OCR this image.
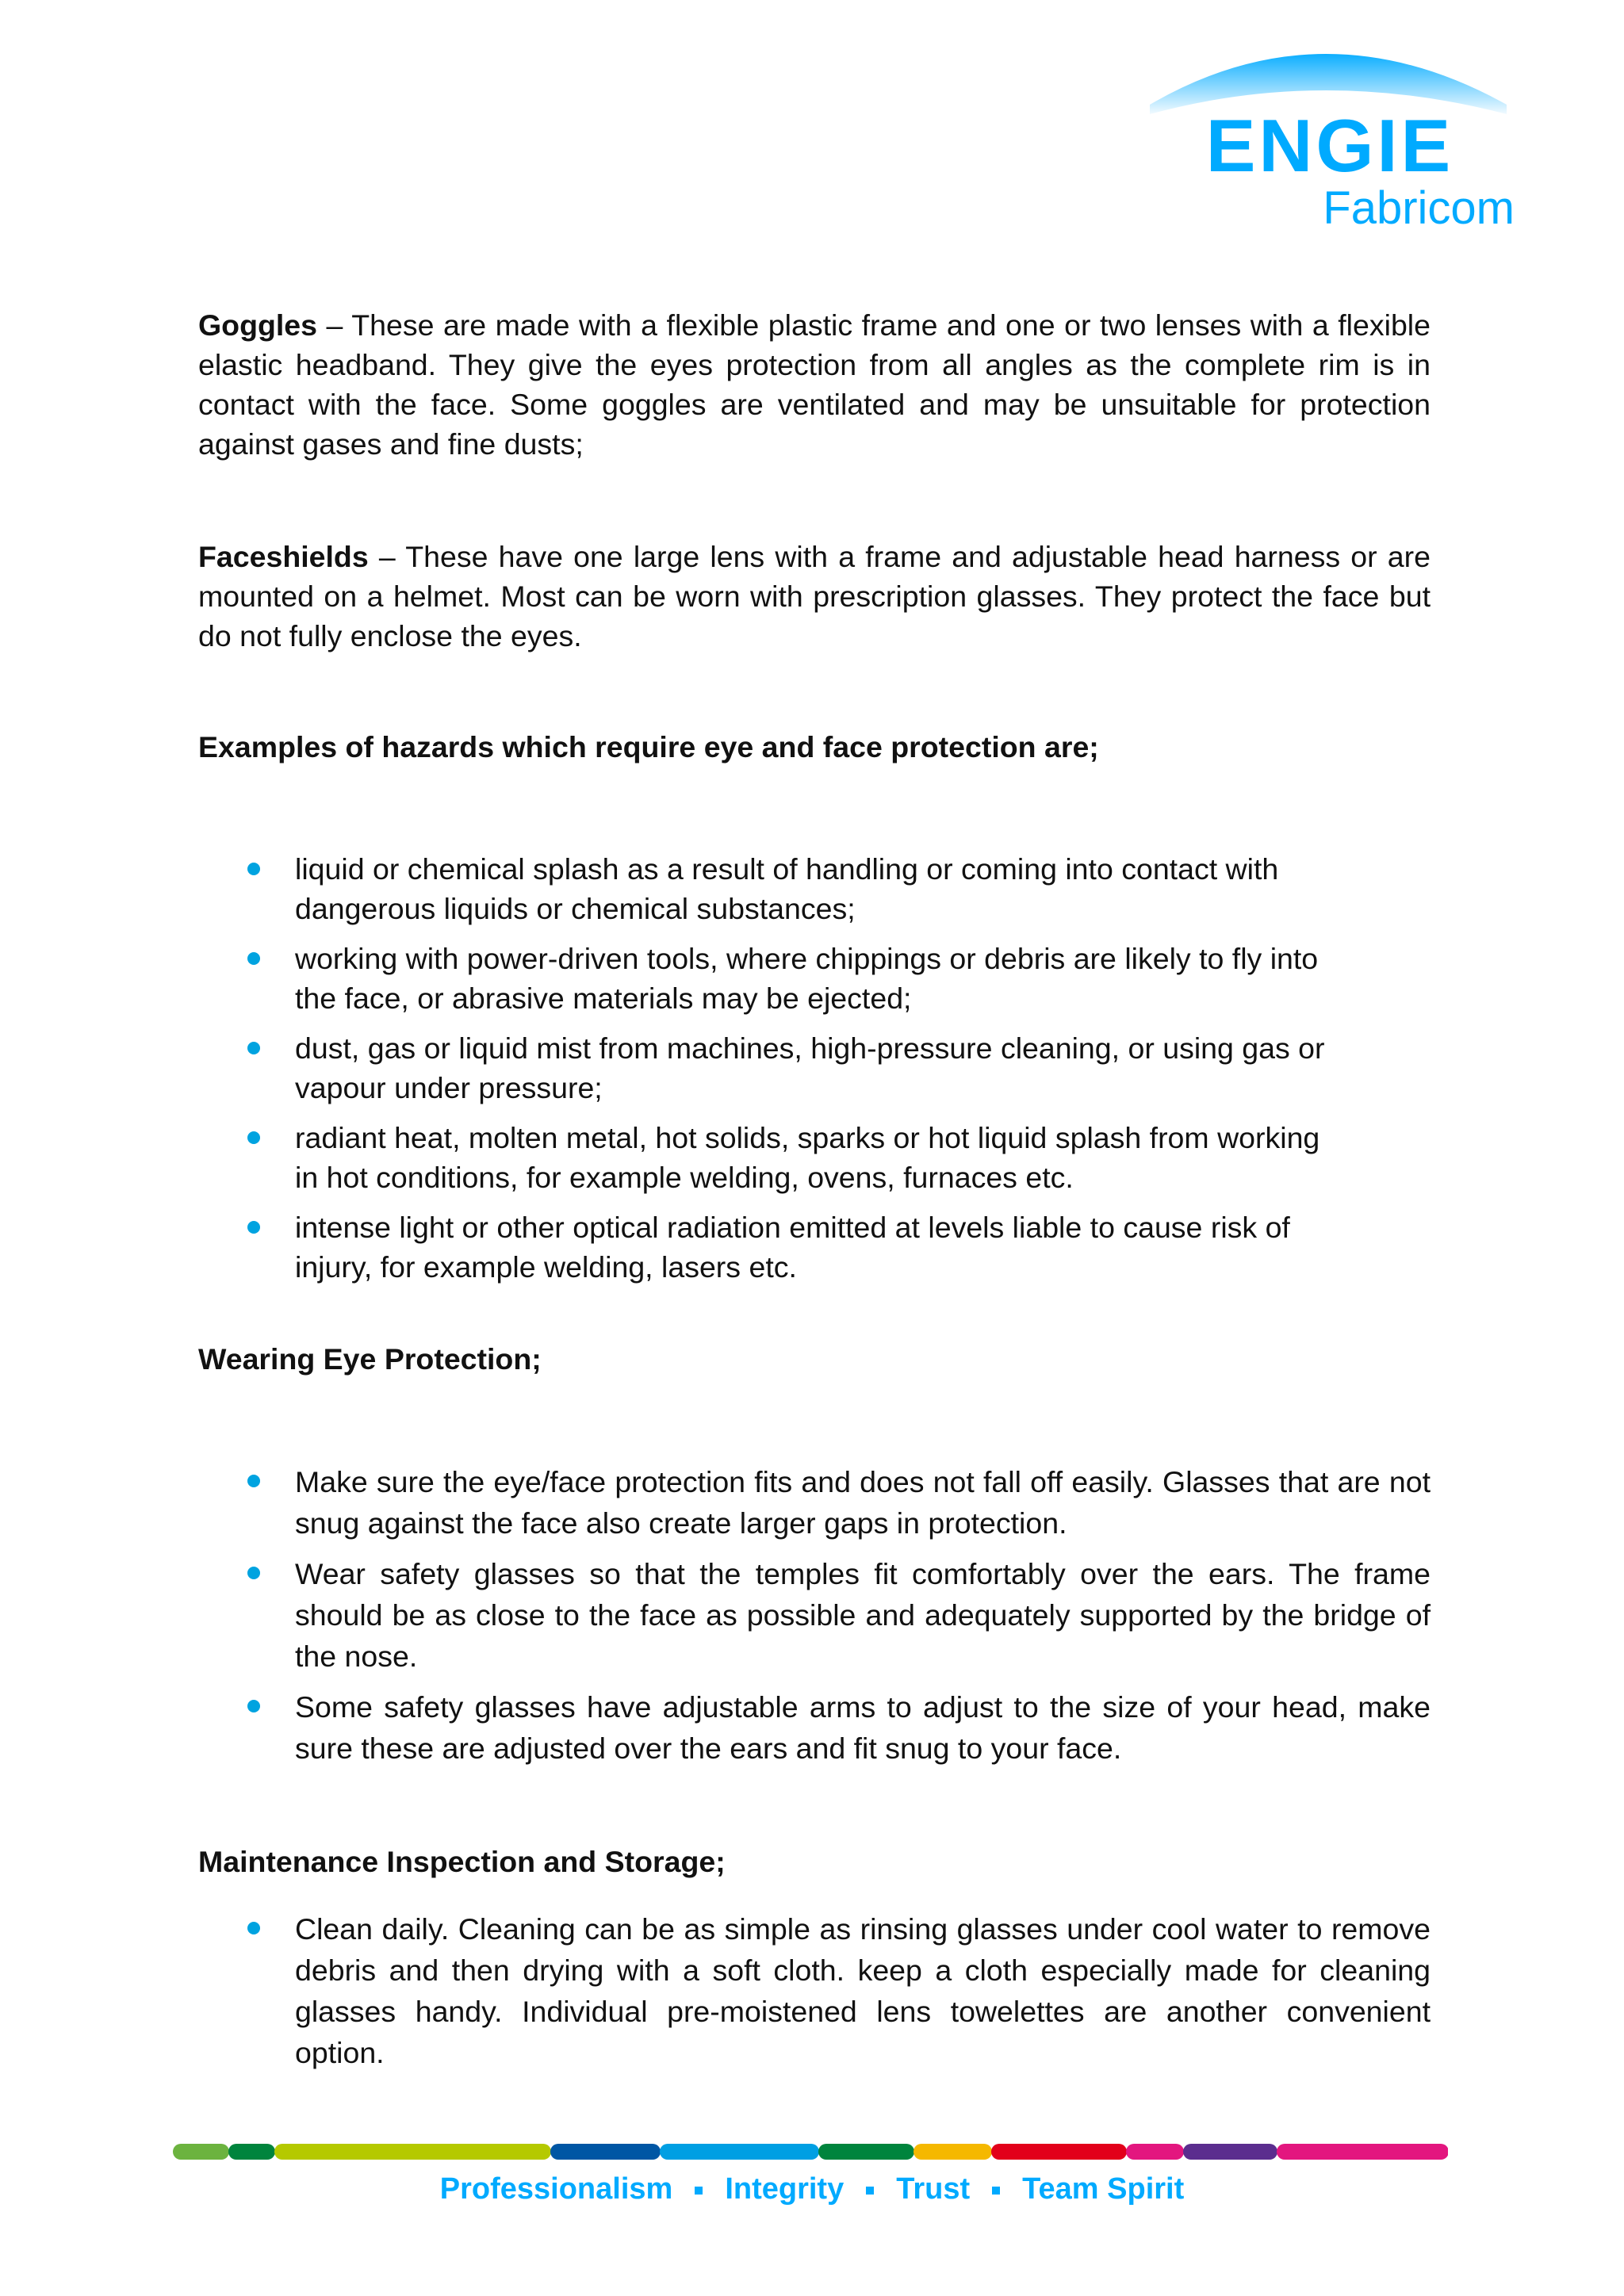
ENGIE
Fabricom

Goggles – These are made with a flexible plastic frame and one or two lenses with a flexible elastic headband. They give the eyes protection from all angles as the complete rim is in contact with the face. Some goggles are ventilated and may be unsuitable for protection against gases and fine dusts;

Faceshields – These have one large lens with a frame and adjustable head harness or are mounted on a helmet. Most can be worn with prescription glasses. They protect the face but do not fully enclose the eyes.

Examples of hazards which require eye and face protection are;

liquid or chemical splash as a result of handling or coming into contact with dangerous liquids or chemical substances;
working with power-driven tools, where chippings or debris are likely to fly into the face, or abrasive materials may be ejected;
dust, gas or liquid mist from machines, high-pressure cleaning, or using gas or vapour under pressure;
radiant heat, molten metal, hot solids, sparks or hot liquid splash from working in hot conditions, for example welding, ovens, furnaces etc.
intense light or other optical radiation emitted at levels liable to cause risk of injury, for example welding, lasers etc.

Wearing Eye Protection;

Make sure the eye/face protection fits and does not fall off easily. Glasses that are not snug against the face also create larger gaps in protection.
Wear safety glasses so that the temples fit comfortably over the ears. The frame should be as close to the face as possible and adequately supported by the bridge of the nose.
Some safety glasses have adjustable arms to adjust to the size of your head, make sure these are adjusted over the ears and fit snug to your face.

Maintenance Inspection and Storage;

Clean daily. Cleaning can be as simple as rinsing glasses under cool water to remove debris and then drying with a soft cloth. keep a cloth especially made for cleaning glasses handy. Individual pre-moistened lens towelettes are another convenient option.
Professionalism Integrity Trust Team Spirit
